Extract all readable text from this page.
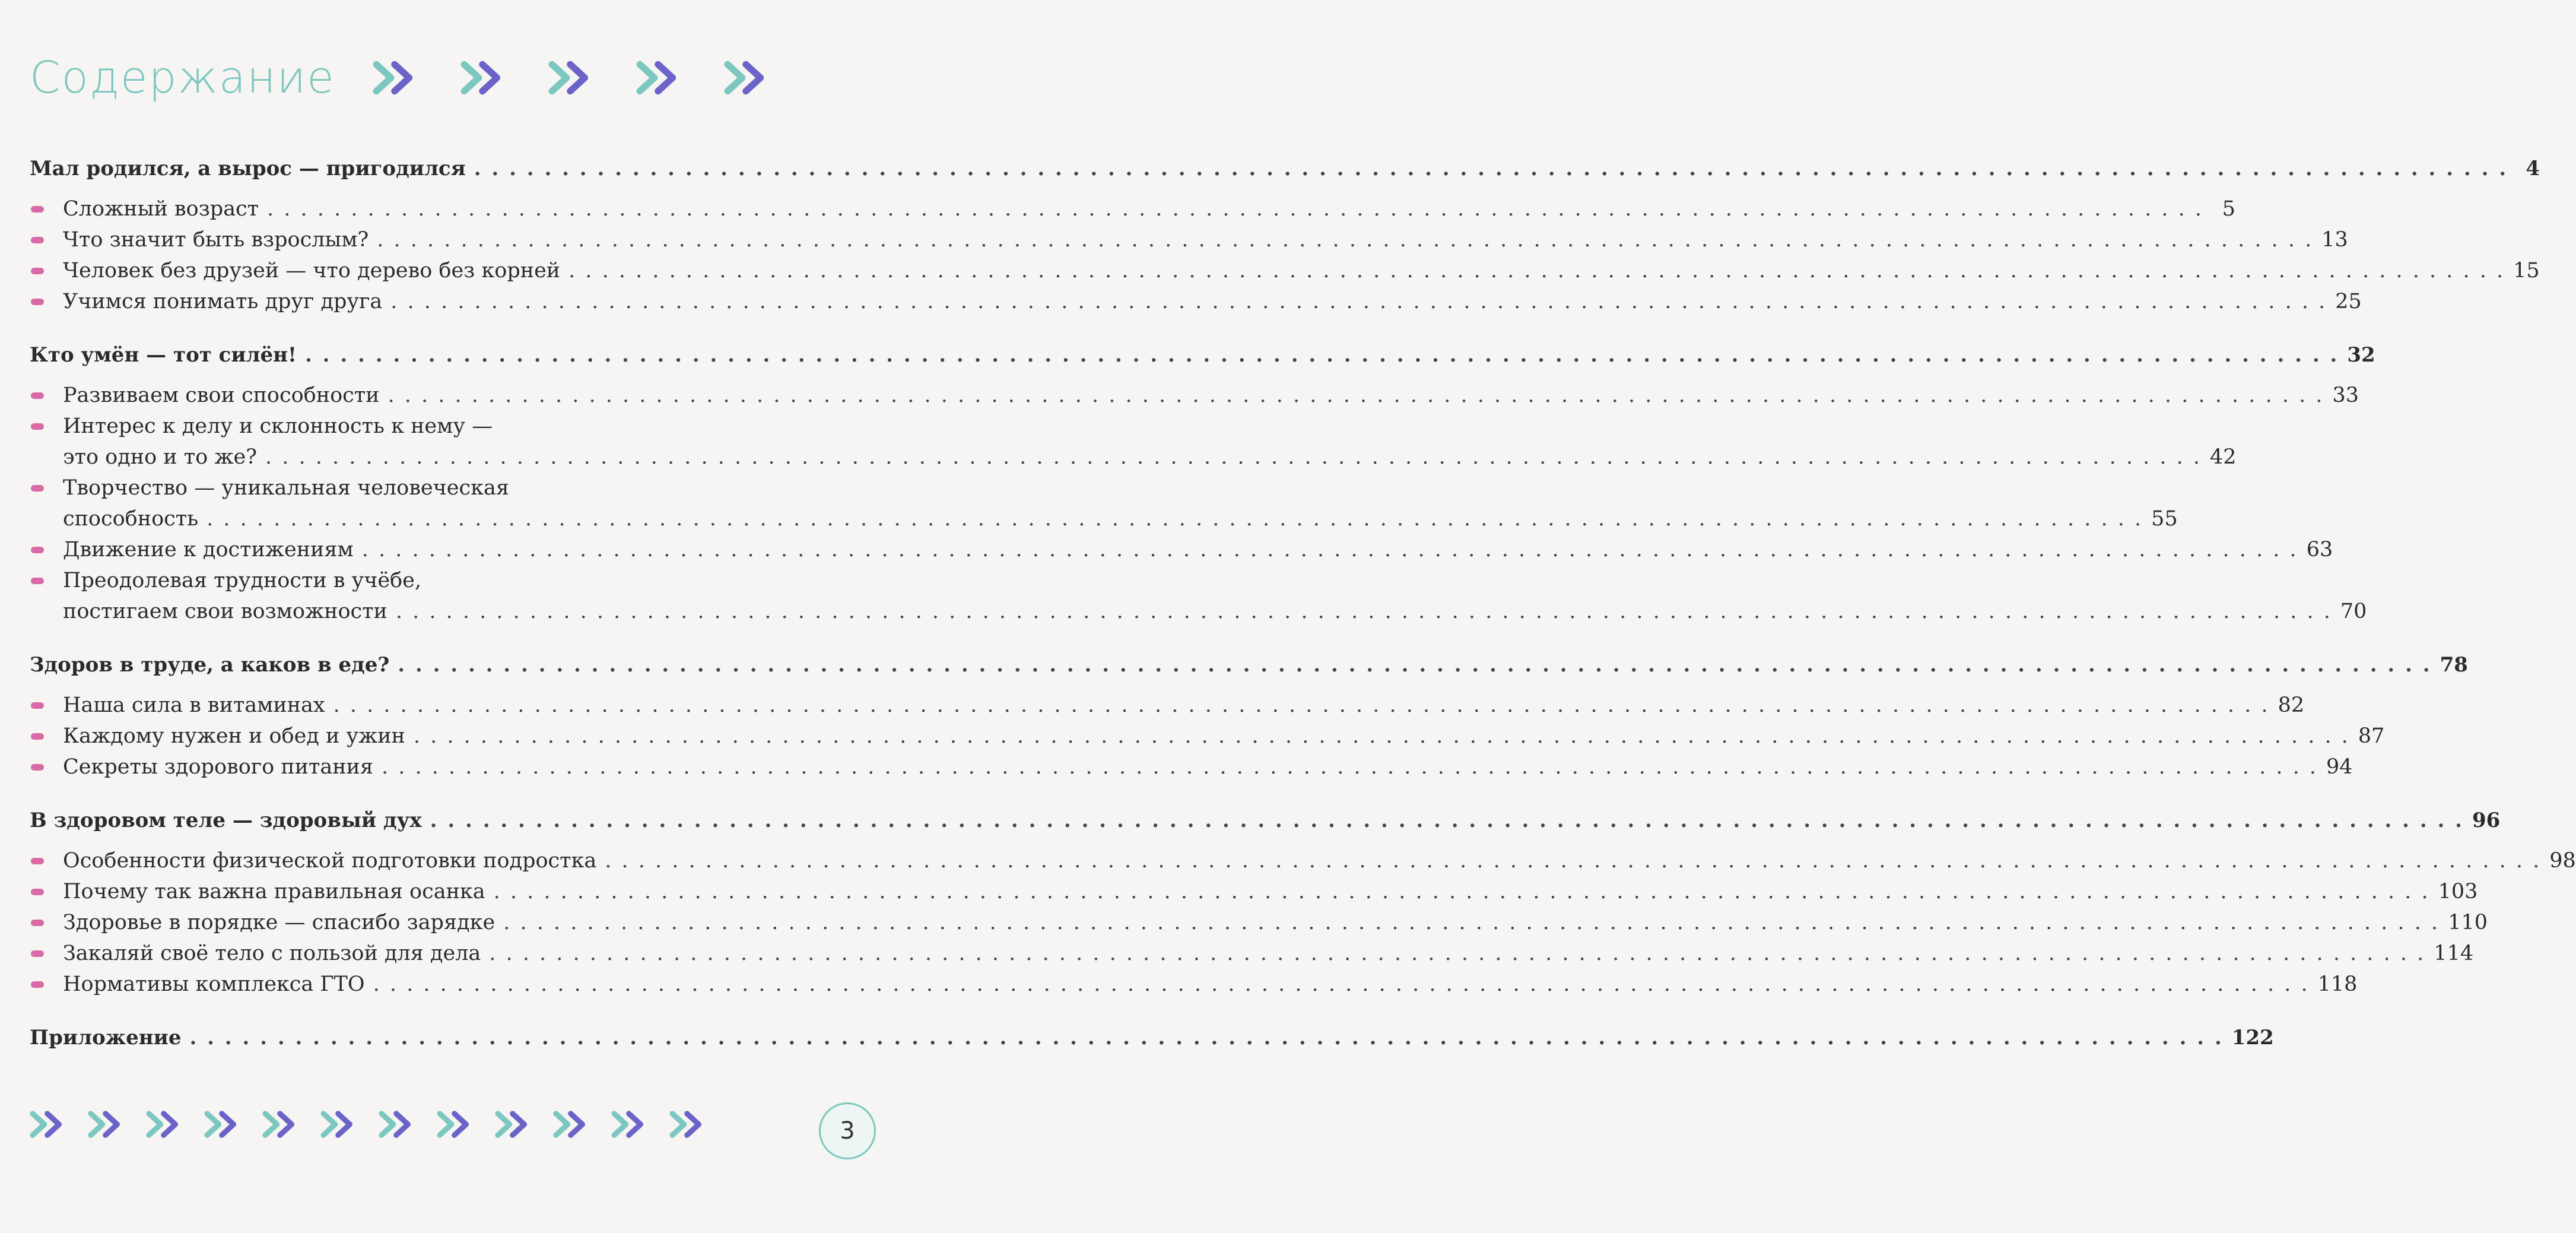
Содержание
Мал родился, а вырос — пригодился . . .	4
Сложный возраст . . .	5
Что значит быть взрослым? . . .	13
Человек без друзей — что дерево без корней . . .	15
Учимся понимать друг друга . . .	25
Кто умён — тот силён! . . .	32
Развиваем свои способности . . .	33
Интерес к делу и склонность к нему —
это одно и то же? . . .	42
Творчество — уникальная человеческая
способность . . .	55
Движение к достижениям . . .	63
Преодолевая трудности в учёбе,
постигаем свои возможности . . .	70
Здоров в труде, а каков в еде? . . .	78
Наша сила в витаминах . . .	82
Каждому нужен и обед и ужин . . .	87
Секреты здорового питания . . .	94
В здоровом теле — здоровый дух . . .	96
Особенности физической подготовки подростка . . .	98
Почему так важна правильная осанка . . .	103
Здоровье в порядке — спасибо зарядке . . .	110
Закаляй своё тело с пользой для дела . . .	114
Нормативы комплекса ГТО . . .	118
Приложение . . .	122
3
